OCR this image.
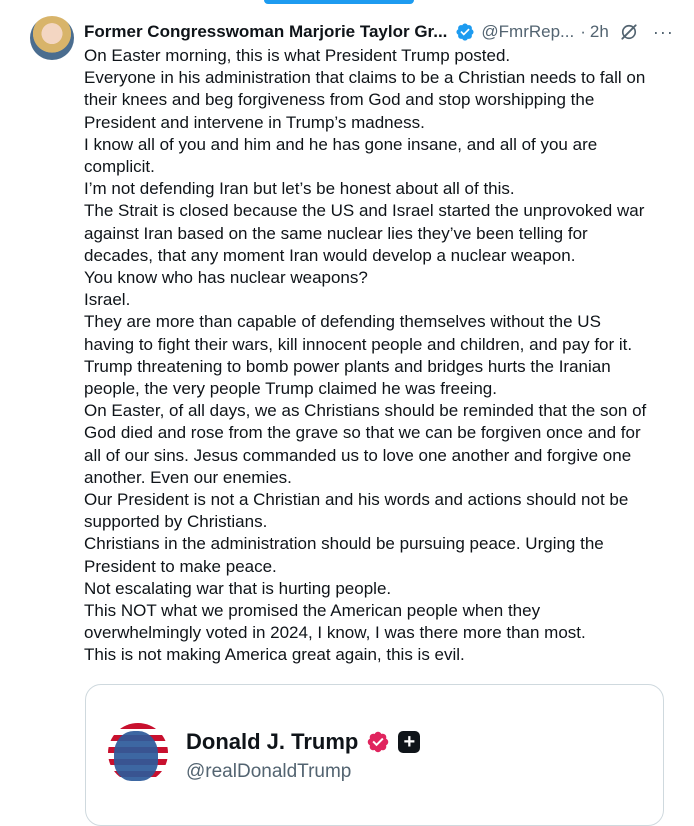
Former Congresswoman Marjorie Taylor Gr... @FmrRep... · 2h ···
On Easter morning, this is what President Trump posted.
Everyone in his administration that claims to be a Christian needs to fall on
their knees and beg forgiveness from God and stop worshipping the
President and intervene in Trump’s madness.
I know all of you and him and he has gone insane, and all of you are
complicit.
I’m not defending Iran but let’s be honest about all of this.
The Strait is closed because the US and Israel started the unprovoked war
against Iran based on the same nuclear lies they’ve been telling for
decades, that any moment Iran would develop a nuclear weapon.
You know who has nuclear weapons?
Israel.
They are more than capable of defending themselves without the US
having to fight their wars, kill innocent people and children, and pay for it.
Trump threatening to bomb power plants and bridges hurts the Iranian
people, the very people Trump claimed he was freeing.
On Easter, of all days, we as Christians should be reminded that the son of
God died and rose from the grave so that we can be forgiven once and for
all of our sins. Jesus commanded us to love one another and forgive one
another. Even our enemies.
Our President is not a Christian and his words and actions should not be
supported by Christians.
Christians in the administration should be pursuing peace. Urging the
President to make peace.
Not escalating war that is hurting people.
This NOT what we promised the American people when they
overwhelmingly voted in 2024, I know, I was there more than most.
This is not making America great again, this is evil.
Donald J. Trump +
@realDonaldTrump
